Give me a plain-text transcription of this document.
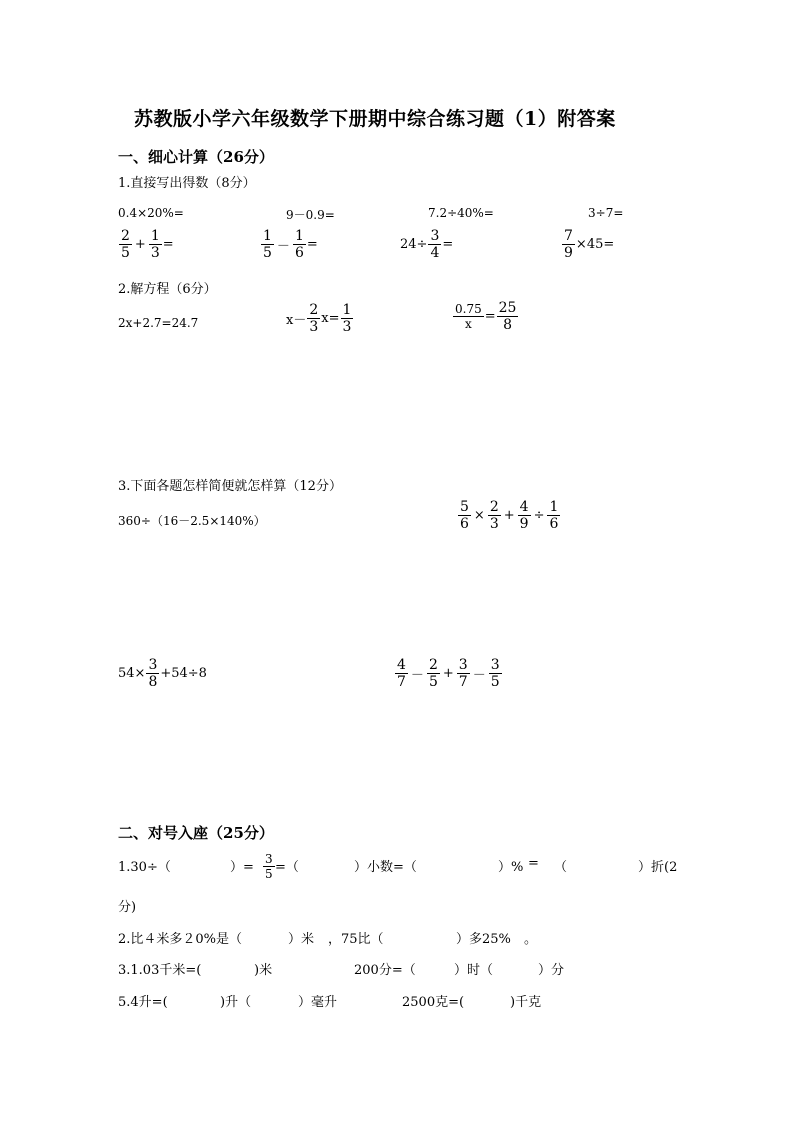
苏教版小学六年级数学下册期中综合练习题（1）附答案
一、细心计算（26分）
1.直接写出得数（8分）
0.4×20%=	9－0.9=	7.2÷40%=	3÷7=
$\frac{2}{5} + \frac{1}{3}$ =	$\frac{1}{5} - \frac{1}{6}$ =	$24\div \frac{3}{4}$ =	$\frac{7}{9} \times 45=$
2.解方程（6分）
2x+2.7=24.7	$x- \frac{2}{3} x= \frac{1}{3}$	$\frac{0.75}{x} = \frac{25}{8}$
3.下面各题怎样简便就怎样算（12分）
360÷（16－2.5×140%）	$\frac{5}{6} \times \frac{2}{3} + \frac{4}{9} \div \frac{1}{6}$
$54\times \frac{3}{8} +54\div 8$	$\frac{4}{7} - \frac{2}{5} + \frac{3}{7} - \frac{3}{5}$
二、对号入座（25分）
1.30÷（	）=
3
5 =（	）小数=（	）% = （	）折(2
分)
2.比４米多２0%是（	）米 ，75比（	）多25% 。
3.1.03千米=(	)米	200分=（	）时（	）分
5.4升=(	)升（	）毫升	2500克=(	)千克
